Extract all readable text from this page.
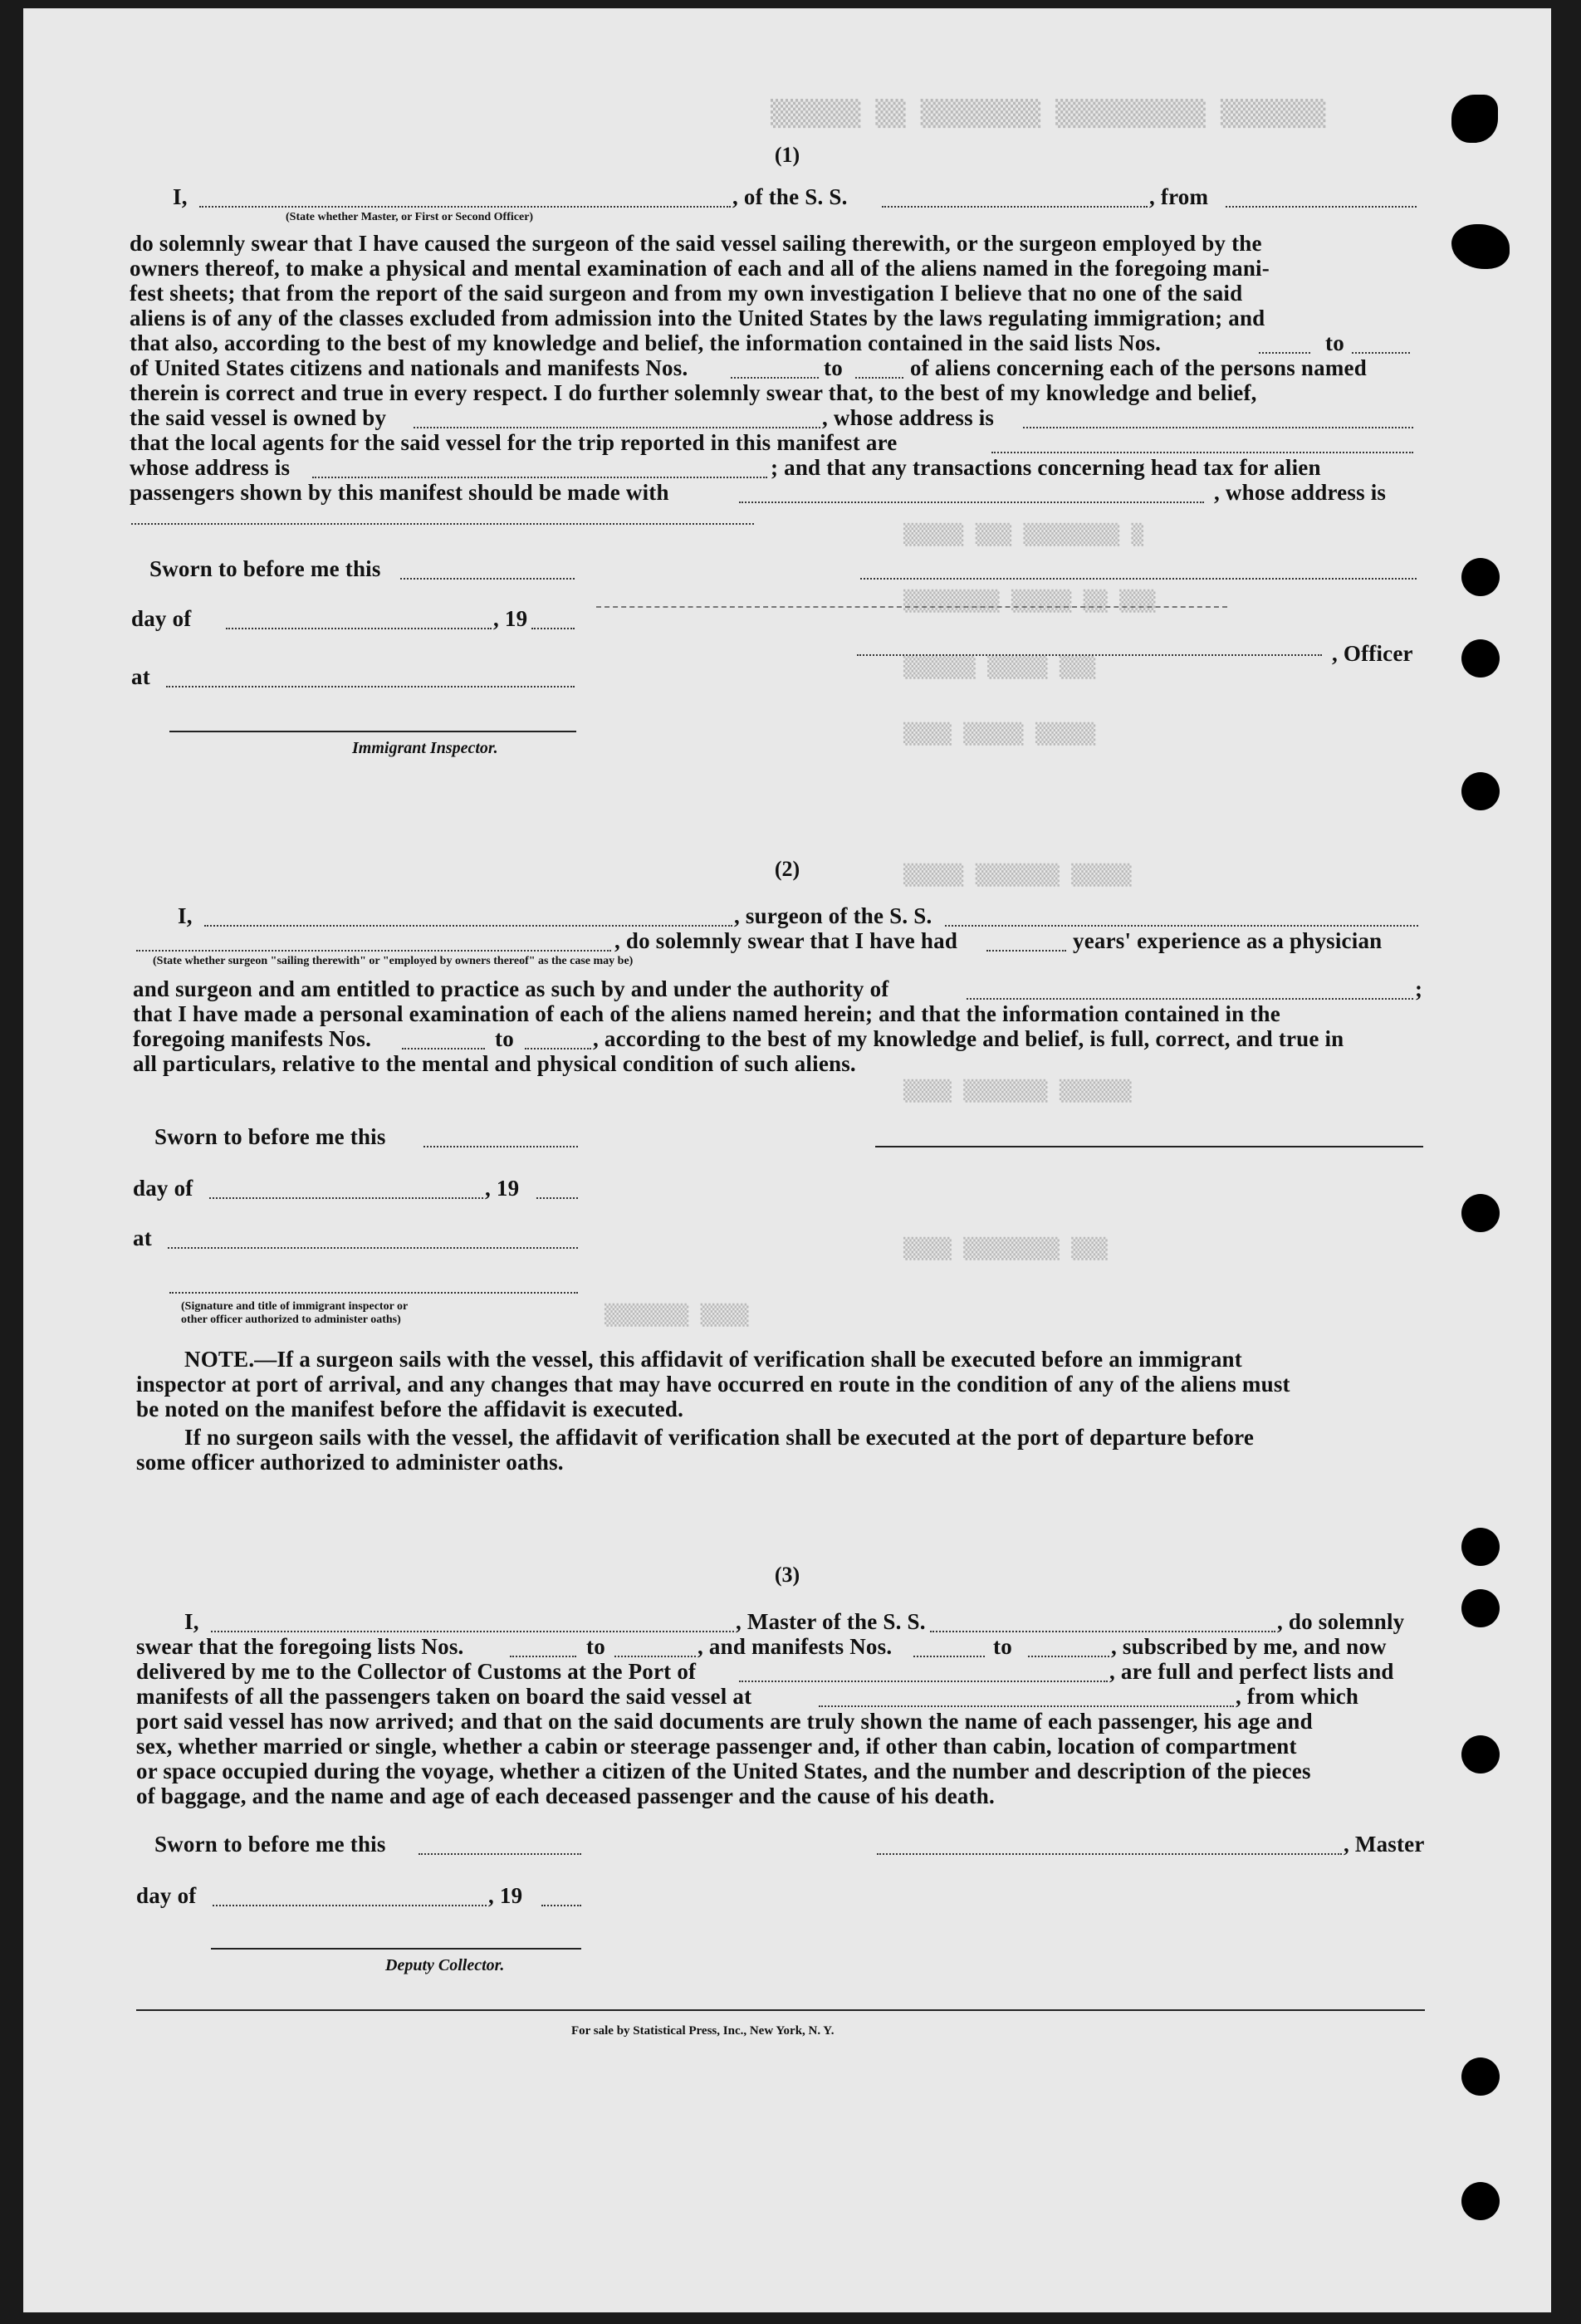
▒▒▒▒▒▒ ▒▒ ▒▒▒▒▒▒▒▒ ▒▒▒▒▒▒▒▒▒▒ ▒▒▒▒▒▒▒
▒▒▒▒▒ ▒▒▒ ▒▒▒▒▒▒▒▒ ▒
▒▒▒▒▒▒▒▒ ▒▒▒▒▒ ▒▒ ▒▒▒
▒▒▒▒▒▒ ▒▒▒▒▒ ▒▒▒
▒▒▒▒ ▒▒▒▒▒ ▒▒▒▒▒
▒▒▒▒▒ ▒▒▒▒▒▒▒ ▒▒▒▒▒
▒▒▒▒ ▒▒▒▒▒▒▒ ▒▒▒▒▒▒
▒▒▒▒ ▒▒▒▒▒▒▒▒ ▒▒▒
▒▒▒▒▒▒▒ ▒▒▒▒
(1)
I,	, of the S. S.	, from
(State whether Master, or First or Second Officer)
do solemnly swear that I have caused the surgeon of the said vessel sailing therewith, or the surgeon employed by the
owners thereof, to make a physical and mental examination of each and all of the aliens named in the foregoing mani-
fest sheets; that from the report of the said surgeon and from my own investigation I believe that no one of the said
aliens is of any of the classes excluded from admission into the United States by the laws regulating immigration; and
that also, according to the best of my knowledge and belief, the information contained in the said lists Nos.	to
of United States citizens and nationals and manifests Nos.	to	of aliens concerning each of the persons named
therein is correct and true in every respect. I do further solemnly swear that, to the best of my knowledge and belief,
the said vessel is owned by	, whose address is
that the local agents for the said vessel for the trip reported in this manifest are
whose address is	; and that any transactions concerning head tax for alien
passengers shown by this manifest should be made with	, whose address is
Sworn to before me this
day of	, 19
, Officer
at
Immigrant Inspector.
(2)
I,	, surgeon of the S. S.
, do solemnly swear that I have had	years' experience as a physician
(State whether surgeon "sailing therewith" or "employed by owners thereof" as the case may be)
and surgeon and am entitled to practice as such by and under the authority of	;
that I have made a personal examination of each of the aliens named herein; and that the information contained in the
foregoing manifests Nos.	to	, according to the best of my knowledge and belief, is full, correct, and true in
all particulars, relative to the mental and physical condition of such aliens.
Sworn to before me this
day of	, 19
at
(Signature and title of immigrant inspector or
other officer authorized to administer oaths)
NOTE.—If a surgeon sails with the vessel, this affidavit of verification shall be executed before an immigrant
inspector at port of arrival, and any changes that may have occurred en route in the condition of any of the aliens must
be noted on the manifest before the affidavit is executed.
If no surgeon sails with the vessel, the affidavit of verification shall be executed at the port of departure before
some officer authorized to administer oaths.
(3)
I,	, Master of the S. S.	, do solemnly
swear that the foregoing lists Nos.	to	, and manifests Nos.	to	, subscribed by me, and now
delivered by me to the Collector of Customs at the Port of	, are full and perfect lists and
manifests of all the passengers taken on board the said vessel at	, from which
port said vessel has now arrived; and that on the said documents are truly shown the name of each passenger, his age and
sex, whether married or single, whether a cabin or steerage passenger and, if other than cabin, location of compartment
or space occupied during the voyage, whether a citizen of the United States, and the number and description of the pieces
of baggage, and the name and age of each deceased passenger and the cause of his death.
Sworn to before me this	, Master
day of	, 19
Deputy Collector.
For sale by Statistical Press, Inc., New York, N. Y.
